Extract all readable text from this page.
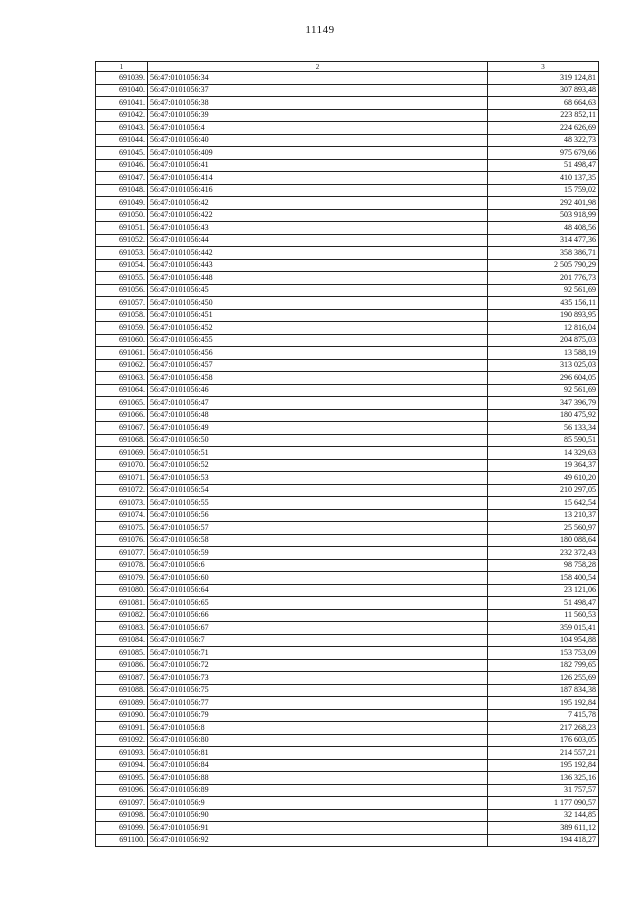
11149
1	2	3
691039.	56:47:0101056:34	319 124,81
691040.	56:47:0101056:37	307 893,48
691041.	56:47:0101056:38	68 664,63
691042.	56:47:0101056:39	223 852,11
691043.	56:47:0101056:4	224 626,69
691044.	56:47:0101056:40	48 322,73
691045.	56:47:0101056:409	975 679,66
691046.	56:47:0101056:41	51 498,47
691047.	56:47:0101056:414	410 137,35
691048.	56:47:0101056:416	15 759,02
691049.	56:47:0101056:42	292 401,98
691050.	56:47:0101056:422	503 918,99
691051.	56:47:0101056:43	48 408,56
691052.	56:47:0101056:44	314 477,36
691053.	56:47:0101056:442	358 386,71
691054.	56:47:0101056:443	2 505 790,29
691055.	56:47:0101056:448	201 776,73
691056.	56:47:0101056:45	92 561,69
691057.	56:47:0101056:450	435 156,11
691058.	56:47:0101056:451	190 893,95
691059.	56:47:0101056:452	12 816,04
691060.	56:47:0101056:455	204 875,03
691061.	56:47:0101056:456	13 588,19
691062.	56:47:0101056:457	313 025,03
691063.	56:47:0101056:458	296 604,05
691064.	56:47:0101056:46	92 561,69
691065.	56:47:0101056:47	347 396,79
691066.	56:47:0101056:48	180 475,92
691067.	56:47:0101056:49	56 133,34
691068.	56:47:0101056:50	85 590,51
691069.	56:47:0101056:51	14 329,63
691070.	56:47:0101056:52	19 364,37
691071.	56:47:0101056:53	49 610,20
691072.	56:47:0101056:54	210 297,05
691073.	56:47:0101056:55	15 642,54
691074.	56:47:0101056:56	13 210,37
691075.	56:47:0101056:57	25 560,97
691076.	56:47:0101056:58	180 088,64
691077.	56:47:0101056:59	232 372,43
691078.	56:47:0101056:6	98 758,28
691079.	56:47:0101056:60	158 400,54
691080.	56:47:0101056:64	23 121,06
691081.	56:47:0101056:65	51 498,47
691082.	56:47:0101056:66	11 560,53
691083.	56:47:0101056:67	359 015,41
691084.	56:47:0101056:7	104 954,88
691085.	56:47:0101056:71	153 753,09
691086.	56:47:0101056:72	182 799,65
691087.	56:47:0101056:73	126 255,69
691088.	56:47:0101056:75	187 834,38
691089.	56:47:0101056:77	195 192,84
691090.	56:47:0101056:79	7 415,78
691091.	56:47:0101056:8	217 268,23
691092.	56:47:0101056:80	176 603,05
691093.	56:47:0101056:81	214 557,21
691094.	56:47:0101056:84	195 192,84
691095.	56:47:0101056:88	136 325,16
691096.	56:47:0101056:89	31 757,57
691097.	56:47:0101056:9	1 177 090,57
691098.	56:47:0101056:90	32 144,85
691099.	56:47:0101056:91	389 611,12
691100.	56:47:0101056:92	194 418,27
